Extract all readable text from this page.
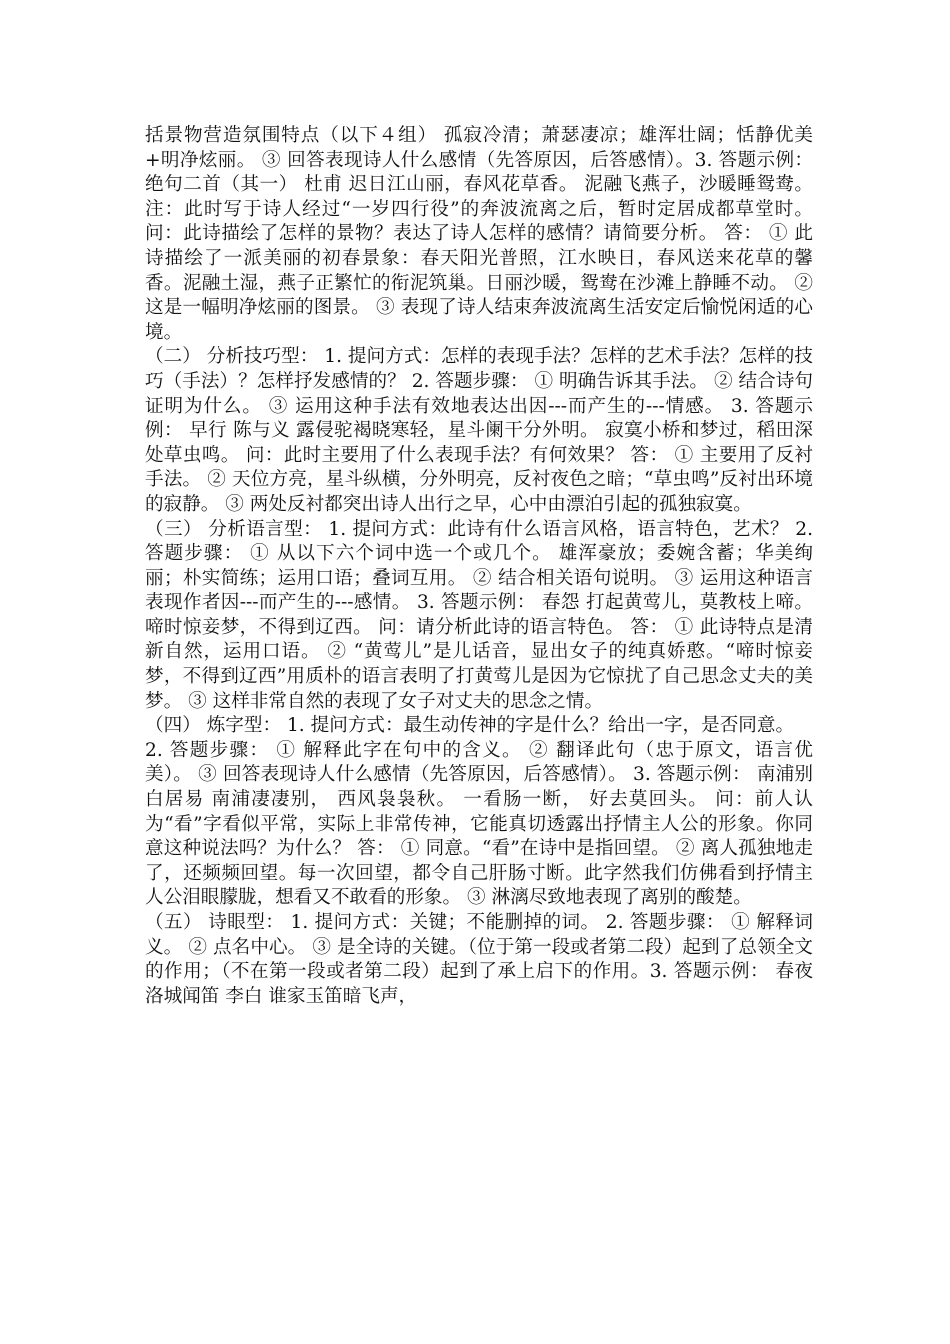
括景物营造氛围特点（以下４组） 孤寂冷清；萧瑟凄凉；雄浑壮阔；恬静优美+明净炫丽。 ③ 回答表现诗人什么感情（先答原因，后答感情）。3. 答题示例： 绝句二首（其一） 杜甫 迟日江山丽，春风花草香。 泥融飞燕子，沙暖睡鸳鸯。 注：此时写于诗人经过“一岁四行役”的奔波流离之后，暂时定居成都草堂时。 问：此诗描绘了怎样的景物？表达了诗人怎样的感情？请简要分析。 答： ① 此诗描绘了一派美丽的初春景象：春天阳光普照，江水映日，春风送来花草的馨香。泥融土湿，燕子正繁忙的衔泥筑巢。日丽沙暖，鸳鸯在沙滩上静睡不动。 ② 这是一幅明净炫丽的图景。 ③ 表现了诗人结束奔波流离生活安定后愉悦闲适的心境。

（二） 分析技巧型： 1. 提问方式：怎样的表现手法？怎样的艺术手法？怎样的技巧（手法）？怎样抒发感情的？ 2. 答题步骤： ① 明确告诉其手法。 ② 结合诗句证明为什么。 ③ 运用这种手法有效地表达出因---而产生的---情感。 3. 答题示例： 早行 陈与义 露侵驼褐晓寒轻，星斗阑干分外明。 寂寞小桥和梦过，稻田深处草虫鸣。 问：此时主要用了什么表现手法？有何效果？ 答： ① 主要用了反衬手法。 ② 天位方亮，星斗纵横，分外明亮，反衬夜色之暗；“草虫鸣”反衬出环境的寂静。 ③ 两处反衬都突出诗人出行之早，心中由漂泊引起的孤独寂寞。

（三） 分析语言型： 1. 提问方式：此诗有什么语言风格，语言特色，艺术？ 2. 答题步骤： ① 从以下六个词中选一个或几个。 雄浑豪放；委婉含蓄；华美绚丽；朴实简练；运用口语；叠词互用。 ② 结合相关语句说明。 ③ 运用这种语言表现作者因---而产生的---感情。 3. 答题示例： 春怨 打起黄莺儿，莫教枝上啼。 啼时惊妾梦，不得到辽西。 问：请分析此诗的语言特色。 答： ① 此诗特点是清新自然，运用口语。 ② “黄莺儿”是儿话音，显出女子的纯真娇憨。“啼时惊妾梦，不得到辽西”用质朴的语言表明了打黄莺儿是因为它惊扰了自己思念丈夫的美梦。 ③ 这样非常自然的表现了女子对丈夫的思念之情。

（四） 炼字型： 1. 提问方式：最生动传神的字是什么？给出一字，是否同意。

2. 答题步骤： ① 解释此字在句中的含义。 ② 翻译此句（忠于原文，语言优美）。 ③ 回答表现诗人什么感情（先答原因，后答感情）。 3. 答题示例： 南浦别 白居易 南浦凄凄别， 西风袅袅秋。 一看肠一断， 好去莫回头。 问：前人认为“看”字看似平常，实际上非常传神，它能真切透露出抒情主人公的形象。你同意这种说法吗？为什么？ 答： ① 同意。“看”在诗中是指回望。 ② 离人孤独地走了，还频频回望。每一次回望，都令自己肝肠寸断。此字然我们仿佛看到抒情主人公泪眼朦胧，想看又不敢看的形象。 ③ 淋漓尽致地表现了离别的酸楚。

（五） 诗眼型： 1. 提问方式：关键；不能删掉的词。 2. 答题步骤： ① 解释词义。 ② 点名中心。 ③ 是全诗的关键。（位于第一段或者第二段）起到了总领全文的作用；（不在第一段或者第二段）起到了承上启下的作用。3. 答题示例： 春夜洛城闻笛 李白 谁家玉笛暗飞声，
